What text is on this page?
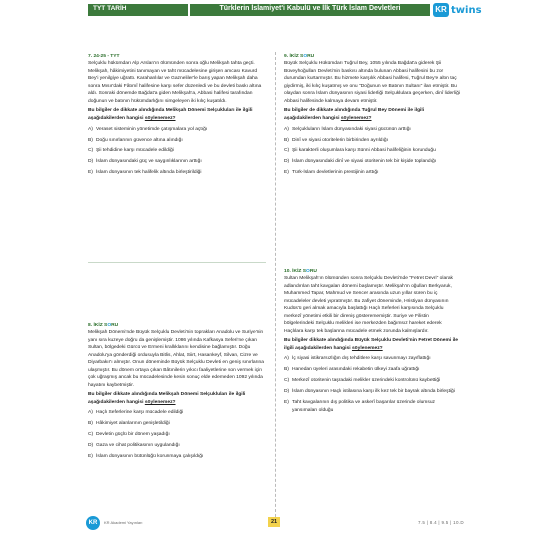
TYT TARİH	Türklerin İslamiyet'i Kabulü ve İlk Türk İslam Devletleri	KR twins

7. 24-25 - TYT

Selçuklu hükümdarı Alp Arslan'ın ölümünden sonra oğlu Melikşah tahta geçti. Melikşah, hâkimiyetini tanımayan ve taht mücadelesine girişen amcası Kavurd Bey'i yenilgiye uğrattı. Karahanlılar ve Gazneliler'le barış yapan Melikşah daha sonra Mısır'daki Fâtımî halifesine karşı sefer düzenledi ve bu devleti baskı altına aldı. Sonraki dönemde Bağdat'a giden Melikşah'a, Abbasi halifesi tarafından doğunun ve batının hükümdarlığını simgeleyen iki kılıç kuşatıldı.

Bu bilgiler de dikkate alındığında Melikşah Dönemi Selçukluları ile ilgili aşağıdakilerden hangisi söylenemez?

A) Veraset sisteminin yönetimde çatışmalara yol açtığı
B) Doğu sınırlarının güvence altına alındığı
C) Şii tehdidine karşı mücadele edildiği
D) İslam dünyasındaki güç ve saygınlıklarının arttığı
E) İslam dünyasının tek halifelik altında birleştirildiği

8. İKİZ SORU

Melikşah Dönemi'nde Büyük Selçuklu Devleti'nin toprakları Anadolu ve Suriye'nin yanı sıra kuzeye doğru da genişlemiştir. 1086 yılında Kafkasya Seferi'ne çıkan Sultan, bölgedeki Gürcü ve Ermeni krallıklarını kendisine bağlamıştır. Doğu Anadolu'ya gönderdiği ordusuyla Bitlis, Ahlat, Siirt, Hasankeyf, Silvan, Cizre ve Diyarbakır'ı almıştır. Onun döneminde Büyük Selçuklu Devleti en geniş sınırlarına ulaşmıştır. Bu dönem ortaya çıkan Bâtınilerin yıkıcı faaliyetlerine son vermek için çok uğraşmış ancak bu mücadelesinde kesin sonuç elde edemeden 1092 yılında hayatını kaybetmiştir.

Bu bilgiler dikkate alındığında Melikşah Dönemi Selçukluları ile ilgili aşağıdakilerden hangisi söylenemez?

A) Haçlı Seferlerine karşı mücadele edildiği
B) Hâkimiyet alanlarının genişletildiği
C) Devletin güçlü bir dönem yaşadığı
D) Gaza ve cihat politikasının uygulandığı
E) İslam dünyasının bütünlüğü korunmaya çalışıldığı

9. İKİZ SORU

Büyük Selçuklu Hükümdarı Tuğrul Bey, 1055 yılında Bağdat'a giderek Şii Büveyhoğulları Devleti'nin baskısı altında bulunan Abbasi halifesini bu zor durumdan kurtarmıştır. Bu hizmete karşılık Abbasi halifesi, Tuğrul Bey'e altın taç giydirmiş, iki kılıç kuşatmış ve onu "Doğunun ve Batının Sultanı" ilan etmiştir. Bu olaydan sonra İslam dünyasının siyasi liderliği Selçuklulara geçerken, dinî liderliği Abbasi halifesinde kalmaya devam etmiştir.

Bu bilgiler de dikkate alındığında Tuğrul Bey Dönemi ile ilgili aşağıdakilerden hangisi söylenemez?

A) Selçukluların İslam dünyasındaki siyasi gücünün arttığı
B) Dinî ve siyasi otoritelerin birbirinden ayrıldığı
C) Şii karakterli oluşumlara karşı Sünni Abbasi halifeliğinin korunduğu
D) İslam dünyasındaki dinî ve siyasi otoritenin tek bir kişide toplandığı
E) Türk-İslam devletlerinin prestijinin arttığı

10. İKİZ SORU

Sultan Melikşah'ın ölümünden sonra Selçuklu Devleti'nde "Fetret Devri" olarak adlandırılan taht kavgaları dönemi başlamıştır. Melikşah'ın oğulları Berkyaruk, Muhammed Tapar, Mahmud ve Sencer arasında uzun yıllar süren bu iç mücadeleler devleti yıpratmıştır. Bu zafiyet döneminde, Hristiyan dünyasının Kudüs'ü geri almak amacıyla başlattığı Haçlı Seferleri karşısında Selçuklu merkezî yönetimi etkili bir direniş gösterememiştir. Suriye ve Filistin bölgelerindeki Selçuklu melikleri ise merkezden bağımsız hareket ederek Haçlılara karşı tek başlarına mücadele etmek zorunda kalmışlardır.

Bu bilgiler dikkate alındığında Büyük Selçuklu Devleti'nin Fetret Dönemi ile ilgili aşağıdakilerden hangisi söylenemez?

A) İç siyasi istikrarsızlığın dış tehditlere karşı savunmayı zayıflattığı
B) Hanedan üyeleri arasındaki rekabetin ülkeyi zaafa uğrattığı
C) Merkezî otoritenin taşradaki melikler üzerindeki kontrolünü kaybettiği
D) İslam dünyasının Haçlı istilasına karşı ilk kez tek bir bayrak altında birleştiği
E) Taht kavgalarının dış politika ve askerî başarılar üzerinde olumsuz yansımaları olduğu
KR	KR Akademi Yayınları	21	7.5 | 8.4 | 9.5 | 10.D
